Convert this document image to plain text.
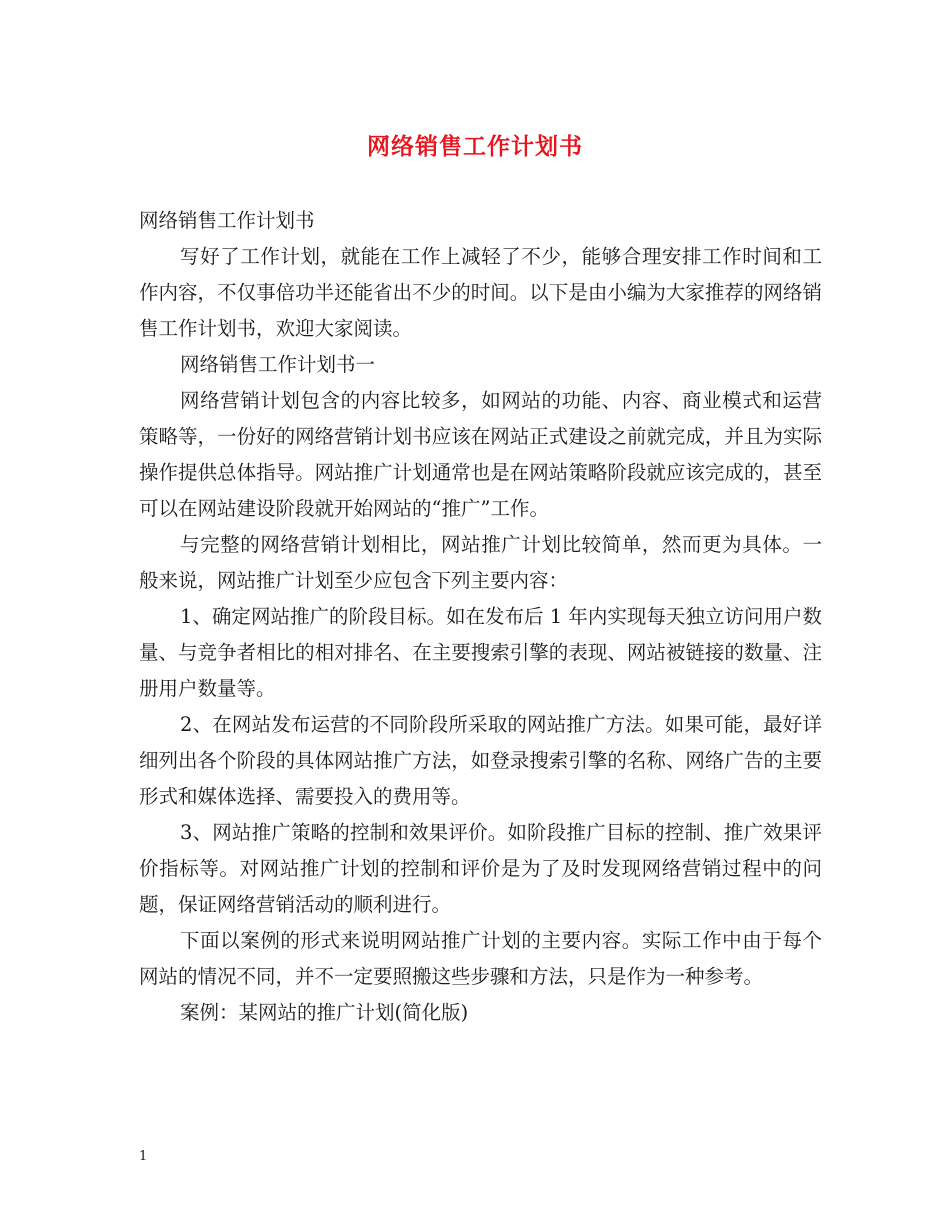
网络销售工作计划书

网络销售工作计划书

写好了工作计划，就能在工作上减轻了不少，能够合理安排工作时间和工作内容，不仅事倍功半还能省出不少的时间。以下是由小编为大家推荐的网络销售工作计划书，欢迎大家阅读。

网络销售工作计划书一

网络营销计划包含的内容比较多，如网站的功能、内容、商业模式和运营策略等，一份好的网络营销计划书应该在网站正式建设之前就完成，并且为实际操作提供总体指导。网站推广计划通常也是在网站策略阶段就应该完成的，甚至可以在网站建设阶段就开始网站的“推广”工作。

与完整的网络营销计划相比，网站推广计划比较简单，然而更为具体。一般来说，网站推广计划至少应包含下列主要内容：

1、确定网站推广的阶段目标。如在发布后 1 年内实现每天独立访问用户数量、与竞争者相比的相对排名、在主要搜索引擎的表现、网站被链接的数量、注册用户数量等。

2、在网站发布运营的不同阶段所采取的网站推广方法。如果可能，最好详细列出各个阶段的具体网站推广方法，如登录搜索引擎的名称、网络广告的主要形式和媒体选择、需要投入的费用等。

3、网站推广策略的控制和效果评价。如阶段推广目标的控制、推广效果评价指标等。对网站推广计划的控制和评价是为了及时发现网络营销过程中的问题，保证网络营销活动的顺利进行。

下面以案例的形式来说明网站推广计划的主要内容。实际工作中由于每个网站的情况不同，并不一定要照搬这些步骤和方法，只是作为一种参考。

案例：某网站的推广计划(简化版)

1
